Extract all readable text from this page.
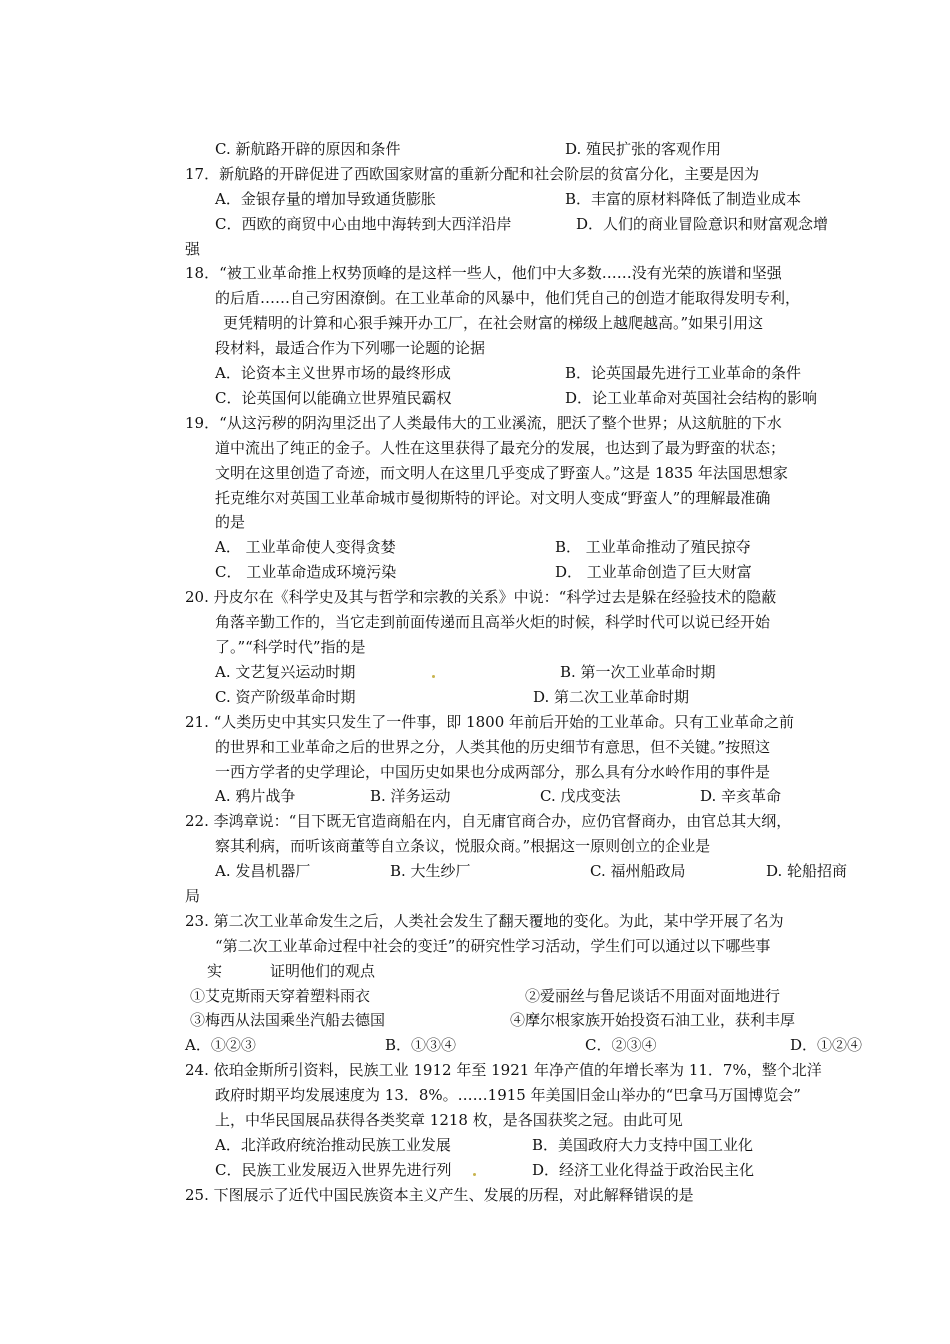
C. 新航路开辟的原因和条件	D. 殖民扩张的客观作用
17．新航路的开辟促进了西欧国家财富的重新分配和社会阶层的贫富分化，主要是因为
A．金银存量的增加导致通货膨胀	B．丰富的原材料降低了制造业成本
C．西欧的商贸中心由地中海转到大西洋沿岸	D．人们的商业冒险意识和财富观念增
强
18．“被工业革命推上权势顶峰的是这样一些人，他们中大多数……没有光荣的族谱和坚强
的后盾……自己穷困潦倒。在工业革命的风暴中，他们凭自己的创造才能取得发明专利，
更凭精明的计算和心狠手辣开办工厂，在社会财富的梯级上越爬越高。”如果引用这
段材料，最适合作为下列哪一论题的论据
A．论资本主义世界市场的最终形成	B．论英国最先进行工业革命的条件
C．论英国何以能确立世界殖民霸权	D．论工业革命对英国社会结构的影响
19．“从这污秽的阴沟里泛出了人类最伟大的工业溪流，肥沃了整个世界；从这航脏的下水
道中流出了纯正的金子。人性在这里获得了最充分的发展，也达到了最为野蛮的状态；
文明在这里创造了奇迹，而文明人在这里几乎变成了野蛮人。”这是 1835 年法国思想家
托克维尔对英国工业革命城市曼彻斯特的评论。对文明人变成“野蛮人”的理解最准确
的是
A． 工业革命使人变得贪婪	B． 工业革命推动了殖民掠夺
C． 工业革命造成环境污染	D． 工业革命创造了巨大财富
20. 丹皮尔在《科学史及其与哲学和宗教的关系》中说：“科学过去是躲在经验技术的隐蔽
角落辛勤工作的，当它走到前面传递而且高举火炬的时候，科学时代可以说已经开始
了。”“科学时代”指的是
A. 文艺复兴运动时期	B. 第一次工业革命时期
C. 资产阶级革命时期	D. 第二次工业革命时期
21. “人类历史中其实只发生了一件事，即 1800 年前后开始的工业革命。只有工业革命之前
的世界和工业革命之后的世界之分，人类其他的历史细节有意思，但不关键。”按照这
一西方学者的史学理论，中国历史如果也分成两部分，那么具有分水岭作用的事件是
A. 鸦片战争	B. 洋务运动	C. 戊戌变法	D. 辛亥革命
22. 李鸿章说：“目下既无官造商船在内，自无庸官商合办，应仍官督商办，由官总其大纲，
察其利病，而听该商董等自立条议，悦服众商。”根据这一原则创立的企业是
A. 发昌机器厂	B. 大生纱厂	C. 福州船政局	D. 轮船招商
局
23. 第二次工业革命发生之后，人类社会发生了翻天覆地的变化。为此，某中学开展了名为
“第二次工业革命过程中社会的变迁”的研究性学习活动，学生们可以通过以下哪些事
实	证明他们的观点
①艾克斯雨天穿着塑料雨衣	②爱丽丝与鲁尼谈话不用面对面地进行
③梅西从法国乘坐汽船去德国	④摩尔根家族开始投资石油工业，获利丰厚
A．①②③	B．①③④	C．②③④	D．①②④
24. 依珀金斯所引资料，民族工业 1912 年至 1921 年净产值的年增长率为 11．7%，整个北洋
政府时期平均发展速度为 13．8%。……1915 年美国旧金山举办的“巴拿马万国博览会”
上，中华民国展品获得各类奖章 1218 枚，是各国获奖之冠。由此可见
A．北洋政府统治推动民族工业发展	B．美国政府大力支持中国工业化
C．民族工业发展迈入世界先进行列	D．经济工业化得益于政治民主化
25. 下图展示了近代中国民族资本主义产生、发展的历程，对此解释错误的是
